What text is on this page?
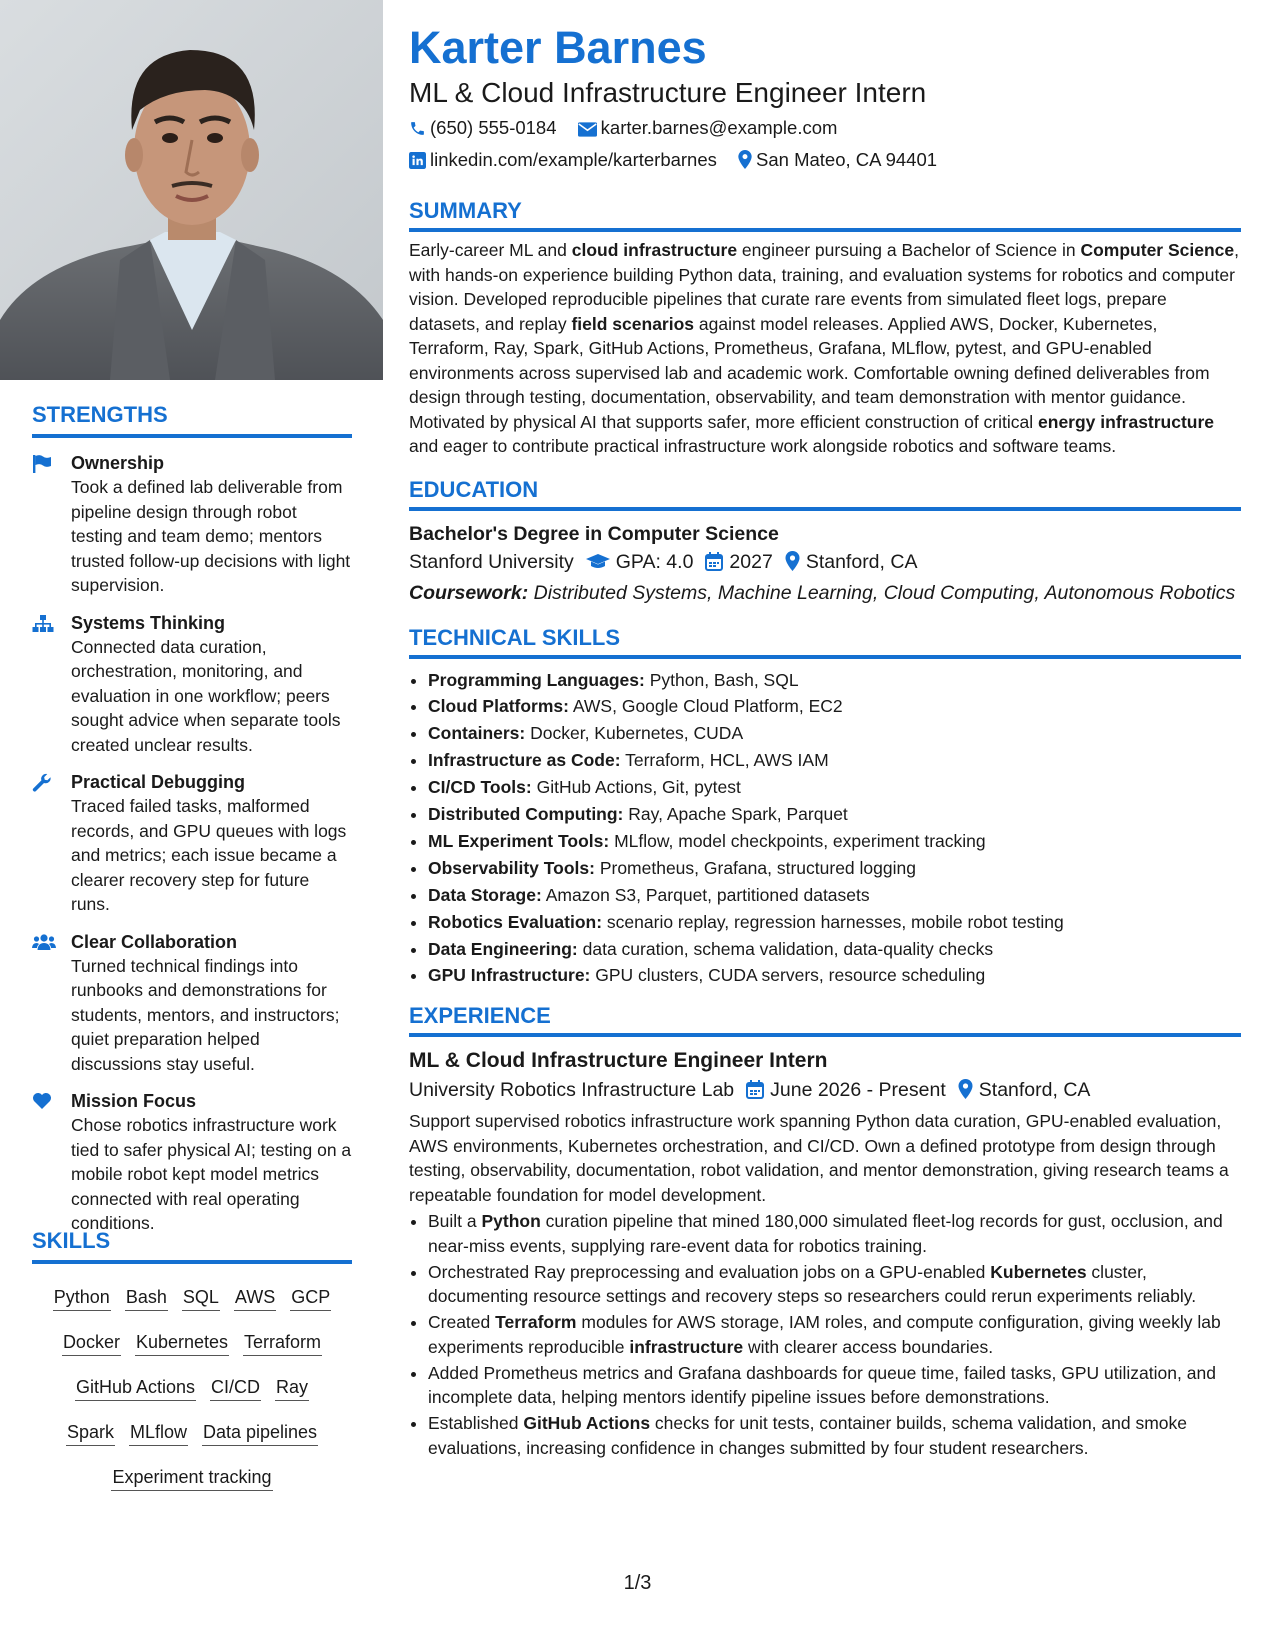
STRENGTHS
Ownership
Took a defined lab deliverable from pipeline design through robot testing and team demo; mentors trusted follow-up decisions with light supervision.
Systems Thinking
Connected data curation, orchestration, monitoring, and evaluation in one workflow; peers sought advice when separate tools created unclear results.
Practical Debugging
Traced failed tasks, malformed records, and GPU queues with logs and metrics; each issue became a clearer recovery step for future runs.
Clear Collaboration
Turned technical findings into runbooks and demonstrations for students, mentors, and instructors; quiet preparation helped discussions stay useful.
Mission Focus
Chose robotics infrastructure work tied to safer physical AI; testing on a mobile robot kept model metrics connected with real operating conditions.
SKILLS
Python Bash SQL AWS GCP
Docker Kubernetes Terraform
GitHub Actions CI/CD Ray
Spark MLflow Data pipelines
Experiment tracking
Karter Barnes
ML & Cloud Infrastructure Engineer Intern
(650) 555-0184 karter.barnes@example.com
linkedin.com/example/karterbarnes San Mateo, CA 94401
SUMMARY

Early-career ML and cloud infrastructure engineer pursuing a Bachelor of Science in Computer Science, with hands-on experience building Python data, training, and evaluation systems for robotics and computer vision. Developed reproducible pipelines that curate rare events from simulated fleet logs, prepare datasets, and replay field scenarios against model releases. Applied AWS, Docker, Kubernetes, Terraform, Ray, Spark, GitHub Actions, Prometheus, Grafana, MLflow, pytest, and GPU-enabled environments across supervised lab and academic work. Comfortable owning defined deliverables from design through testing, documentation, observability, and team demonstration with mentor guidance. Motivated by physical AI that supports safer, more efficient construction of critical energy infrastructure and eager to contribute practical infrastructure work alongside robotics and software teams.

EDUCATION
Bachelor's Degree in Computer Science
Stanford University GPA: 4.0 2027 Stanford, CA
Coursework: Distributed Systems, Machine Learning, Cloud Computing, Autonomous Robotics
TECHNICAL SKILLS
• Programming Languages: Python, Bash, SQL
• Cloud Platforms: AWS, Google Cloud Platform, EC2
• Containers: Docker, Kubernetes, CUDA
• Infrastructure as Code: Terraform, HCL, AWS IAM
• CI/CD Tools: GitHub Actions, Git, pytest
• Distributed Computing: Ray, Apache Spark, Parquet
• ML Experiment Tools: MLflow, model checkpoints, experiment tracking
• Observability Tools: Prometheus, Grafana, structured logging
• Data Storage: Amazon S3, Parquet, partitioned datasets
• Robotics Evaluation: scenario replay, regression harnesses, mobile robot testing
• Data Engineering: data curation, schema validation, data-quality checks
• GPU Infrastructure: GPU clusters, CUDA servers, resource scheduling
EXPERIENCE
ML & Cloud Infrastructure Engineer Intern
University Robotics Infrastructure Lab June 2026 - Present Stanford, CA

Support supervised robotics infrastructure work spanning Python data curation, GPU-enabled evaluation, AWS environments, Kubernetes orchestration, and CI/CD. Own a defined prototype from design through testing, observability, documentation, robot validation, and mentor demonstration, giving research teams a repeatable foundation for model development.

• Built a Python curation pipeline that mined 180,000 simulated fleet-log records for gust, occlusion, and near-miss events, supplying rare-event data for robotics training.
• Orchestrated Ray preprocessing and evaluation jobs on a GPU-enabled Kubernetes cluster, documenting resource settings and recovery steps so researchers could rerun experiments reliably.
• Created Terraform modules for AWS storage, IAM roles, and compute configuration, giving weekly lab experiments reproducible infrastructure with clearer access boundaries.
• Added Prometheus metrics and Grafana dashboards for queue time, failed tasks, GPU utilization, and incomplete data, helping mentors identify pipeline issues before demonstrations.
• Established GitHub Actions checks for unit tests, container builds, schema validation, and smoke evaluations, increasing confidence in changes submitted by four student researchers.
1/3
